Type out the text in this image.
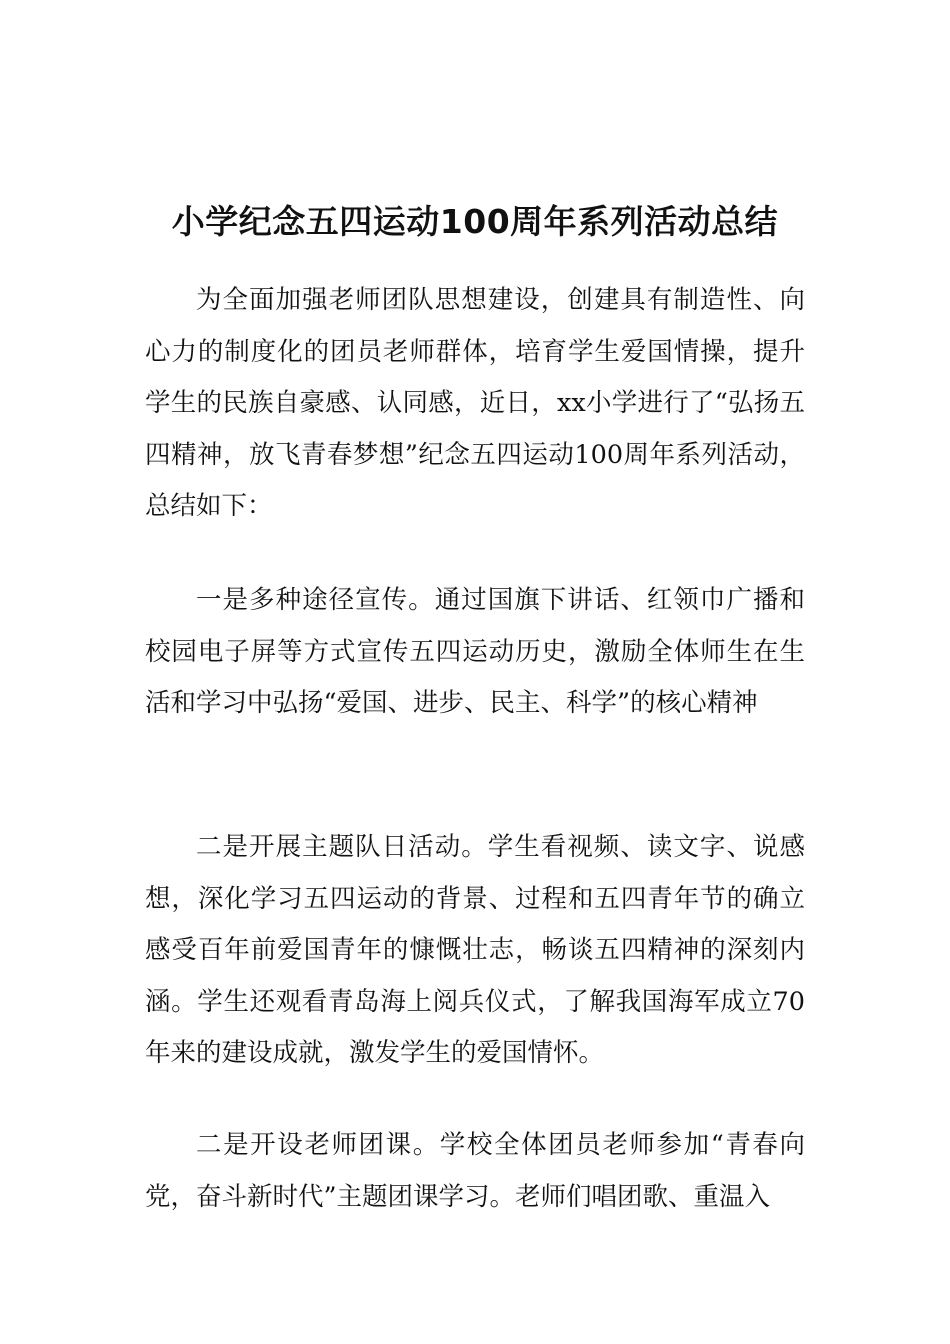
小学纪念五四运动100周年系列活动总结

为全面加强老师团队思想建设，创建具有制造性、向心力的制度化的团员老师群体，培育学生爱国情操，提升学生的民族自豪感、认同感，近日，xx小学进行了“弘扬五四精神，放飞青春梦想”纪念五四运动100周年系列活动，总结如下：

一是多种途径宣传。通过国旗下讲话、红领巾广播和校园电子屏等方式宣传五四运动历史，激励全体师生在生活和学习中弘扬“爱国、进步、民主、科学”的核心精神

二是开展主题队日活动。学生看视频、读文字、说感想，深化学习五四运动的背景、过程和五四青年节的确立感受百年前爱国青年的慷慨壮志，畅谈五四精神的深刻内涵。学生还观看青岛海上阅兵仪式，了解我国海军成立70年来的建设成就，激发学生的爱国情怀。

二是开设老师团课。学校全体团员老师参加“青春向党，奋斗新时代”主题团课学习。老师们唱团歌、重温入
